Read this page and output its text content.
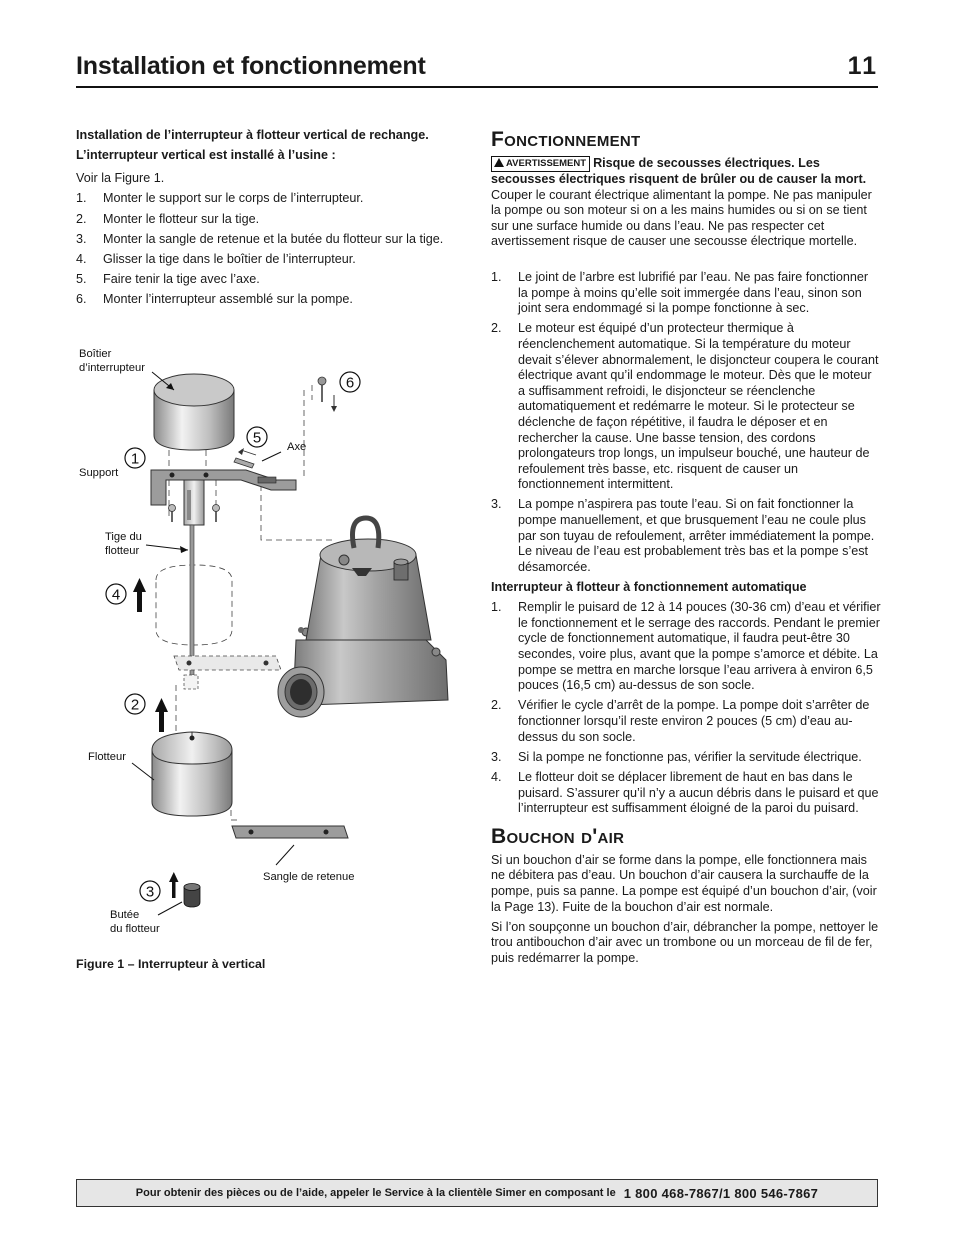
Installation et fonctionnement	11
Installation de l’interrupteur à flotteur vertical de rechange.
L’interrupteur vertical est installé à l’usine :
Voir la Figure 1.
1. Monter le support sur le corps de l’interrupteur.
2. Monter le flotteur sur la tige.
3. Monter la sangle de retenue et la butée du flotteur sur la tige.
4. Glisser la tige dans le boîtier de l’interrupteur.
5. Faire tenir la tige avec l’axe.
6. Monter l’interrupteur assemblé sur la pompe.
Boîtier
d’interrupteur
Support
Axe
Tige du
flotteur
Flotteur
Sangle de retenue
Butée
du flotteur
1
2
3
4
5
6
Figure 1 – Interrupteur à vertical
Fonctionnement
AVERTISSEMENT Risque de secousses électriques. Les secousses électriques risquent de brûler ou de causer la mort. Couper le courant électrique alimentant la pompe. Ne pas manipuler la pompe ou son moteur si on a les mains humides ou si on se tient sur une surface humide ou dans l’eau. Ne pas respecter cet avertissement risque de causer une secousse électrique mortelle.
1. Le joint de l’arbre est lubrifié par l’eau. Ne pas faire fonctionner la pompe à moins qu’elle soit immergée dans l’eau, sinon son joint sera endommagé si la pompe fonctionne à sec.
2. Le moteur est équipé d’un protecteur thermique à réenclenchement automatique. Si la température du moteur devait s’élever abnormalement, le disjoncteur coupera le courant électrique avant qu’il endommage le moteur. Dès que le moteur a suffisamment refroidi, le disjoncteur se réenclenche automatiquement et redémarre le moteur. Si le protecteur se déclenche de façon répétitive, il faudra le déposer et en rechercher la cause. Une basse tension, des cordons prolongateurs trop longs, un impulseur bouché, une hauteur de refoulement très basse, etc. risquent de causer un fonctionnement intermittent.
3. La pompe n’aspirera pas toute l’eau. Si on fait fonctionner la pompe manuellement, et que brusquement l’eau ne coule plus par son tuyau de refoulement, arrêter immédiatement la pompe. Le niveau de l’eau est probablement très bas et la pompe s’est désamorcée.
Interrupteur à flotteur à fonctionnement automatique
1. Remplir le puisard de 12 à 14 pouces (30-36 cm) d’eau et vérifier le fonctionnement et le serrage des raccords. Pendant le premier cycle de fonctionnement automatique, il faudra peut-être 30 secondes, voire plus, avant que la pompe s’amorce et débite. La pompe se mettra en marche lorsque l’eau arrivera à environ 6,5 pouces (16,5 cm) au-dessus de son socle.
2. Vérifier le cycle d’arrêt de la pompe. La pompe doit s’arrêter de fonctionner lorsqu’il reste environ 2 pouces (5 cm) d’eau au-dessus du son socle.
3. Si la pompe ne fonctionne pas, vérifier la servitude électrique.
4. Le flotteur doit se déplacer librement de haut en bas dans le puisard. S’assurer qu’il n’y a aucun débris dans le puisard et que l’interrupteur est suffisamment éloigné de la paroi du puisard.
Bouchon d'air
Si un bouchon d’air se forme dans la pompe, elle fonctionnera mais ne débitera pas d’eau. Un bouchon d’air causera la surchauffe de la pompe, puis sa panne. La pompe est équipé d’un bouchon d’air, (voir la Page 13). Fuite de la bouchon d’air est normale.
Si l’on soupçonne un bouchon d’air, débrancher la pompe, nettoyer le trou antibouchon d’air avec un trombone ou un morceau de fil de fer, puis redémarrer la pompe.
Pour obtenir des pièces ou de l’aide, appeler le Service à la clientèle Simer en composant le 1 800 468-7867/1 800 546-7867
